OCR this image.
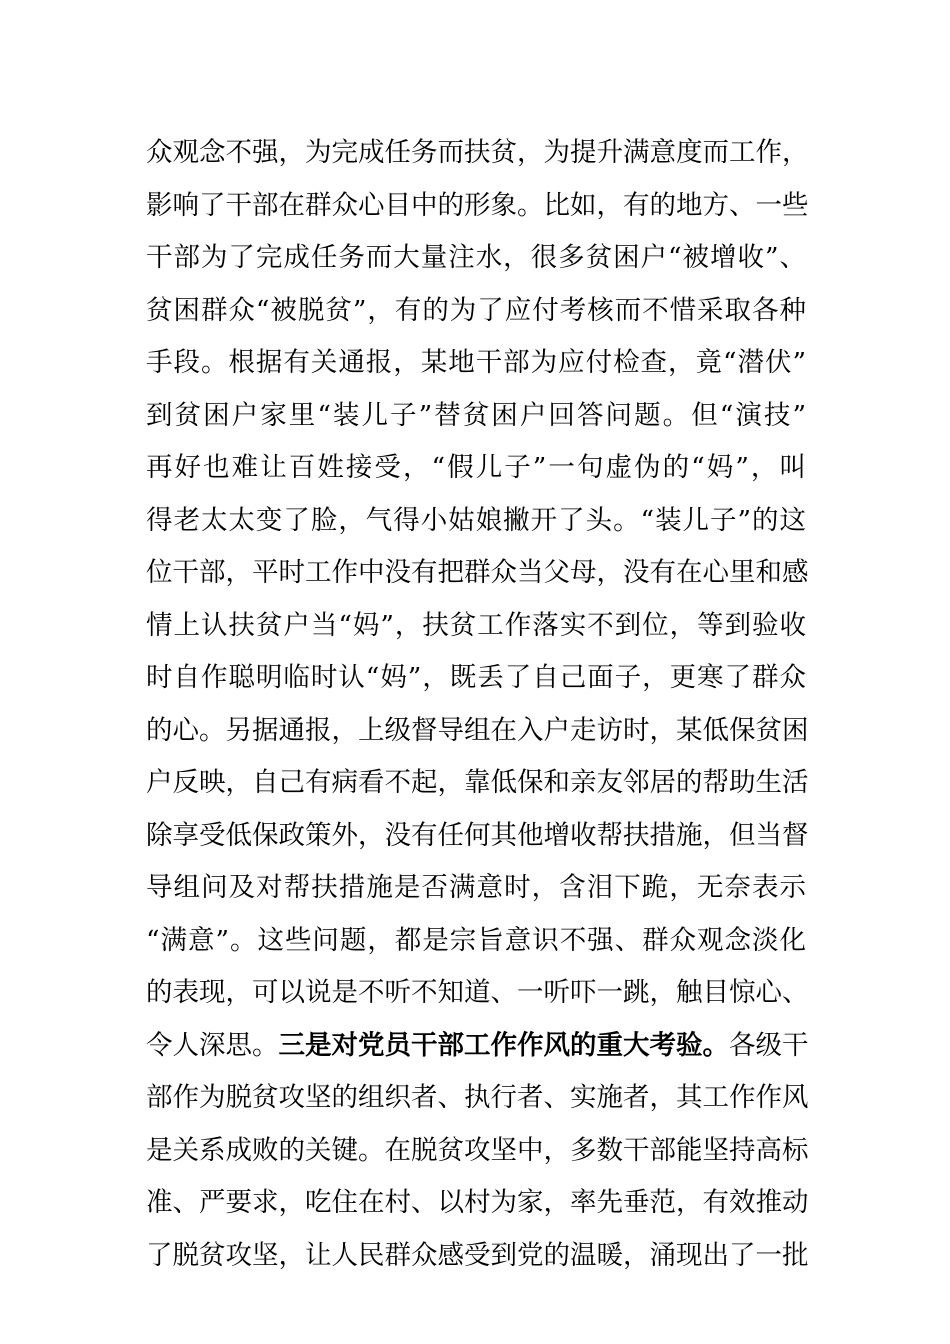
众观念不强，为完成任务而扶贫，为提升满意度而工作，
影响了干部在群众心目中的形象。比如，有的地方、一些
干部为了完成任务而大量注水，很多贫困户“被增收”、
贫困群众“被脱贫”，有的为了应付考核而不惜采取各种
手段。根据有关通报，某地干部为应付检查，竟“潜伏”
到贫困户家里“装儿子”替贫困户回答问题。但“演技”
再好也难让百姓接受，“假儿子”一句虚伪的“妈”，叫
得老太太变了脸，气得小姑娘撇开了头。“装儿子”的这
位干部，平时工作中没有把群众当父母，没有在心里和感
情上认扶贫户当“妈”，扶贫工作落实不到位，等到验收
时自作聪明临时认“妈”，既丢了自己面子，更寒了群众
的心。另据通报，上级督导组在入户走访时，某低保贫困
户反映，自己有病看不起，靠低保和亲友邻居的帮助生活
除享受低保政策外，没有任何其他增收帮扶措施，但当督
导组问及对帮扶措施是否满意时，含泪下跪，无奈表示
“满意”。这些问题，都是宗旨意识不强、群众观念淡化
的表现，可以说是不听不知道、一听吓一跳，触目惊心、
令人深思。三是对党员干部工作作风的重大考验。各级干
部作为脱贫攻坚的组织者、执行者、实施者，其工作作风
是关系成败的关键。在脱贫攻坚中，多数干部能坚持高标
准、严要求，吃住在村、以村为家，率先垂范，有效推动
了脱贫攻坚，让人民群众感受到党的温暖，涌现出了一批
